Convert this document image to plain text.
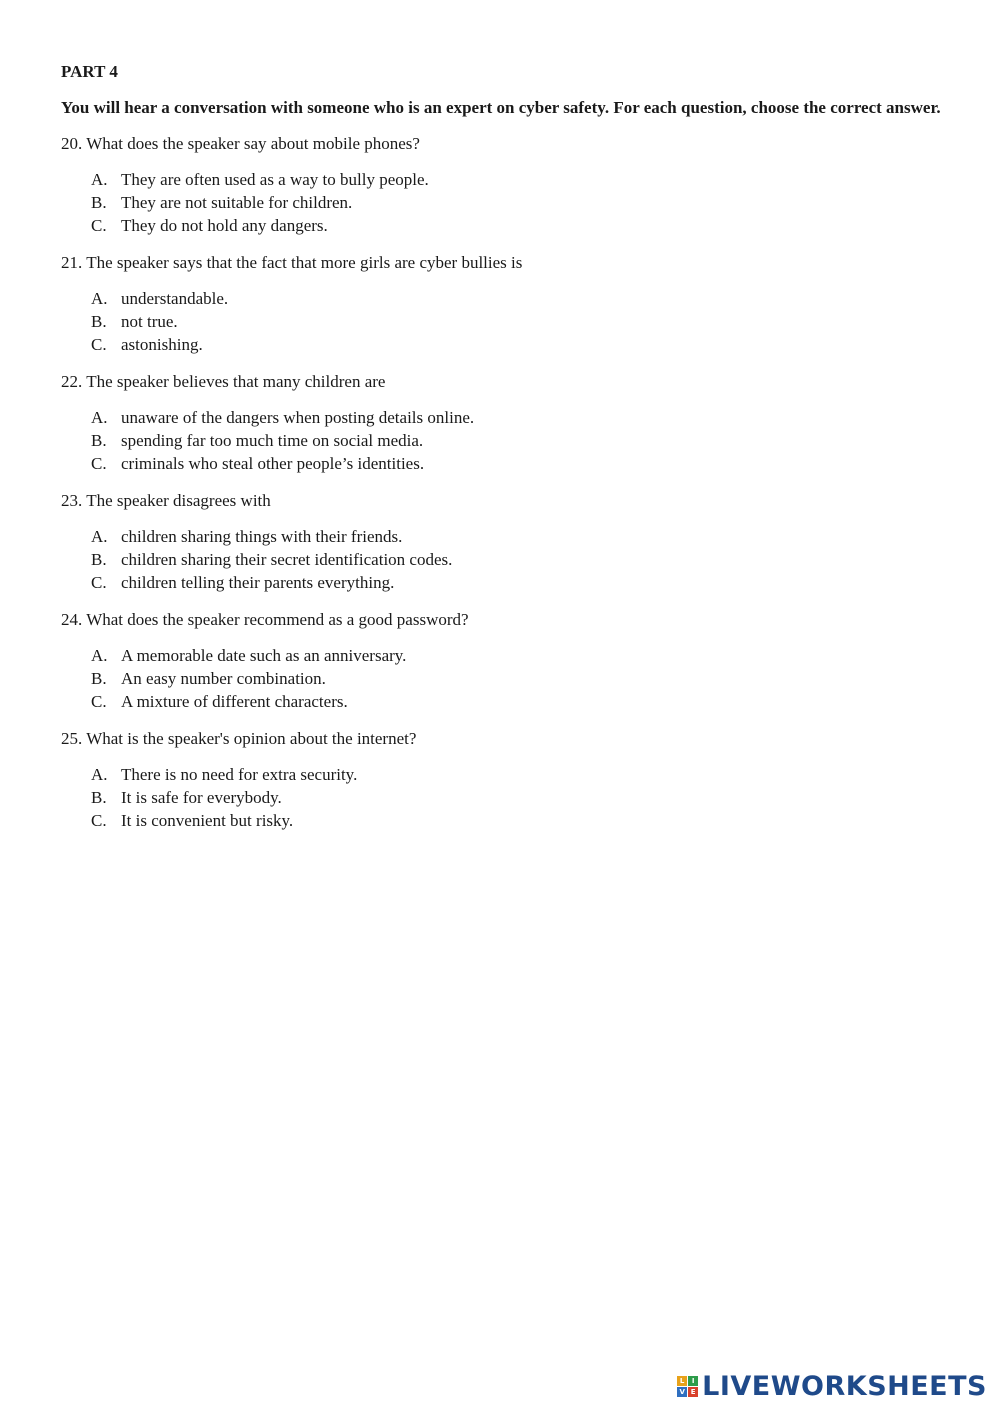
PART 4
You will hear a conversation with someone who is an expert on cyber safety. For each question, choose the correct answer.
20. What does the speaker say about mobile phones?
A. They are often used as a way to bully people.
B. They are not suitable for children.
C. They do not hold any dangers.
21. The speaker says that the fact that more girls are cyber bullies is
A. understandable.
B. not true.
C. astonishing.
22. The speaker believes that many children are
A. unaware of the dangers when posting details online.
B. spending far too much time on social media.
C. criminals who steal other people’s identities.
23. The speaker disagrees with
A. children sharing things with their friends.
B. children sharing their secret identification codes.
C. children telling their parents everything.
24. What does the speaker recommend as a good password?
A. A memorable date such as an anniversary.
B. An easy number combination.
C. A mixture of different characters.
25. What is the speaker's opinion about the internet?
A. There is no need for extra security.
B. It is safe for everybody.
C. It is convenient but risky.
L	I
V E LIVEWORKSHEETS
